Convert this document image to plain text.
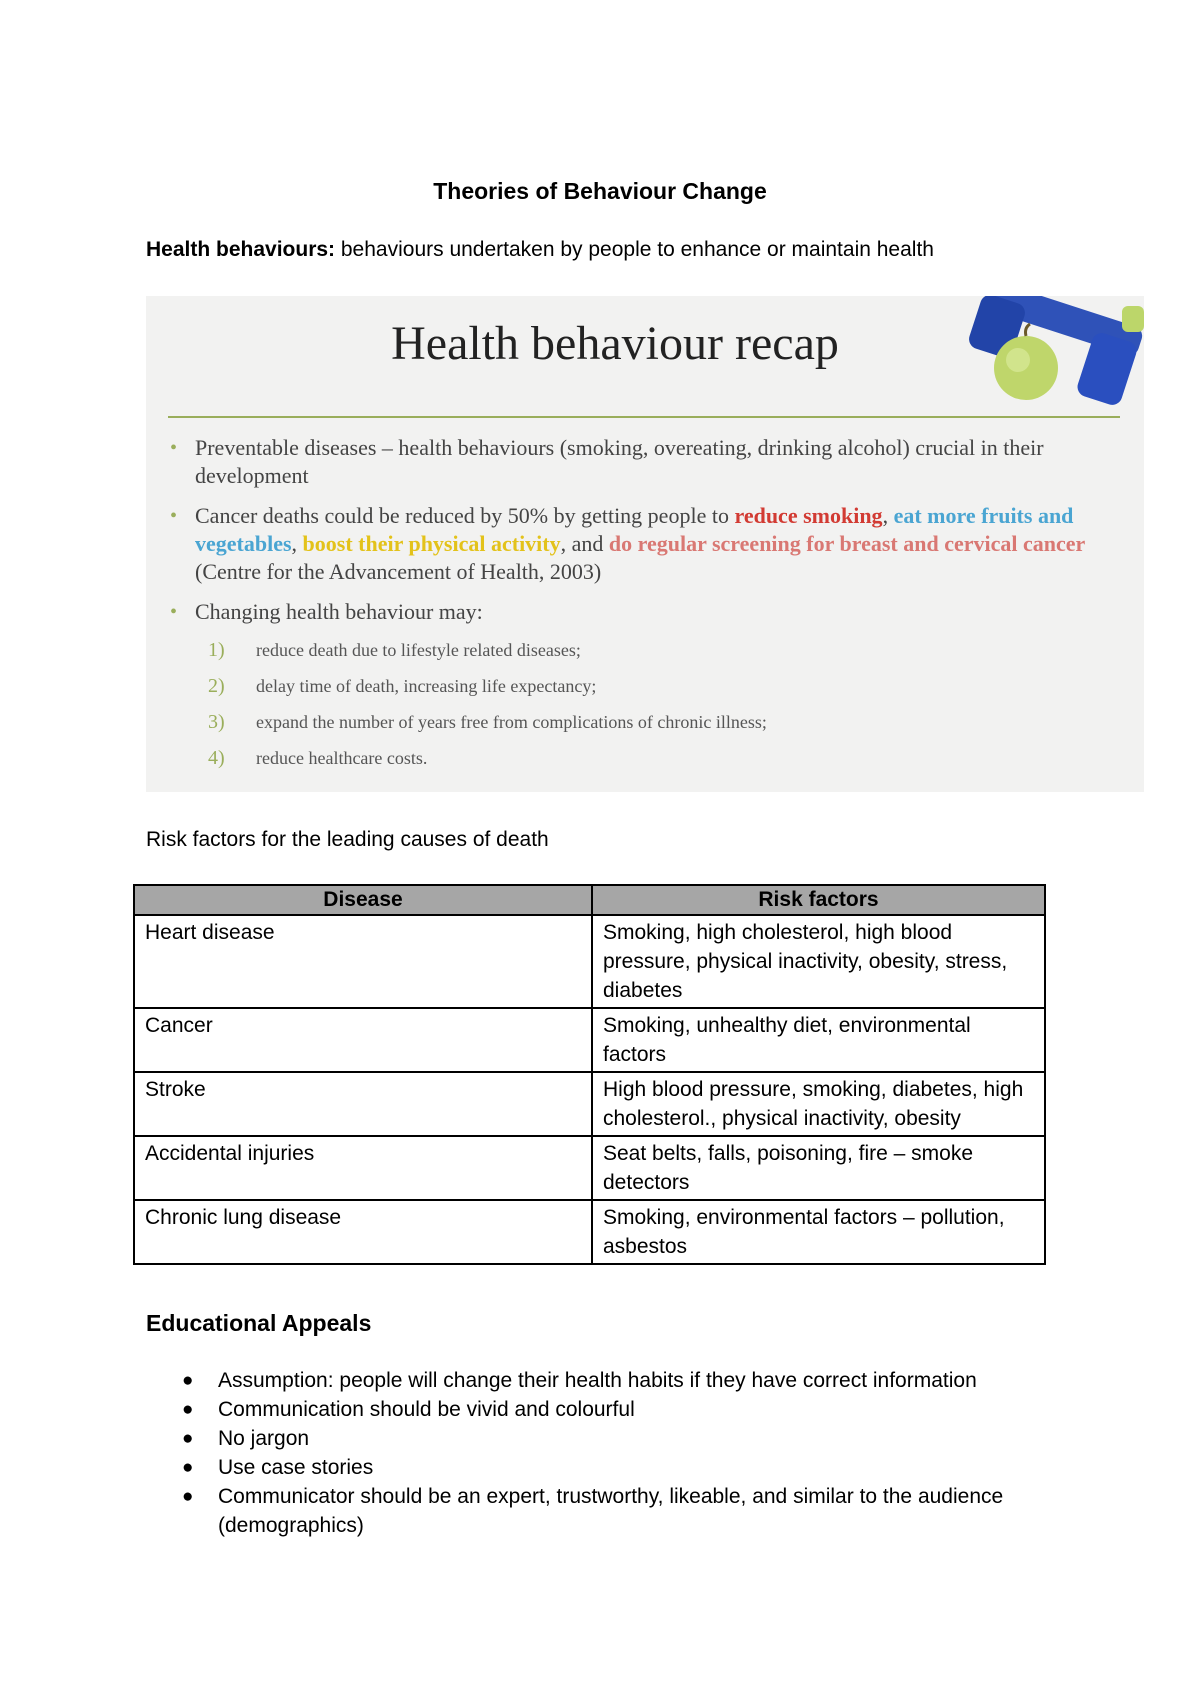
Theories of Behaviour Change
Health behaviours: behaviours undertaken by people to enhance or maintain health
Health behaviour recap
• Preventable diseases – health behaviours (smoking, overeating, drinking alcohol) crucial in their development
• Cancer deaths could be reduced by 50% by getting people to reduce smoking, eat more fruits and vegetables, boost their physical activity, and do regular screening for breast and cervical cancer (Centre for the Advancement of Health, 2003)
• Changing health behaviour may:
1) reduce death due to lifestyle related diseases;
2) delay time of death, increasing life expectancy;
3) expand the number of years free from complications of chronic illness;
4) reduce healthcare costs.
Risk factors for the leading causes of death
Disease	Risk factors
Heart disease	Smoking, high cholesterol, high blood pressure, physical inactivity, obesity, stress, diabetes
Cancer	Smoking, unhealthy diet, environmental factors
Stroke	High blood pressure, smoking, diabetes, high cholesterol., physical inactivity, obesity
Accidental injuries	Seat belts, falls, poisoning, fire – smoke detectors
Chronic lung disease	Smoking, environmental factors – pollution, asbestos
Educational Appeals
● Assumption: people will change their health habits if they have correct information
● Communication should be vivid and colourful
● No jargon
● Use case stories
● Communicator should be an expert, trustworthy, likeable, and similar to the audience (demographics)
